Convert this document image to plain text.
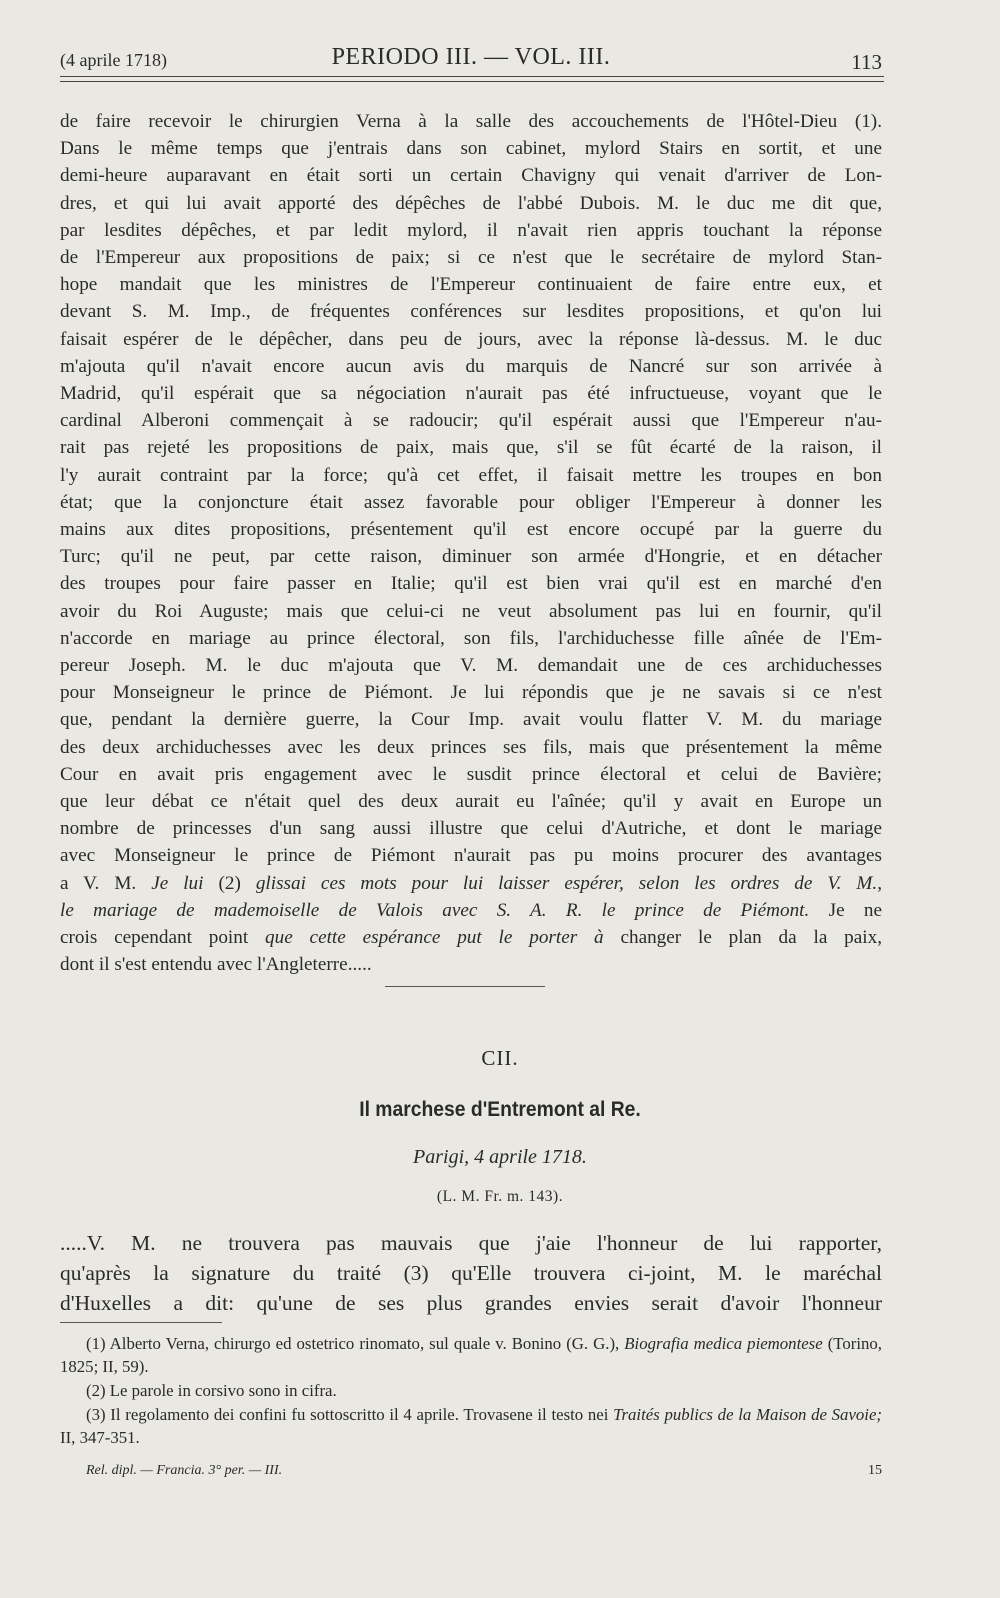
(4 aprile 1718)	PERIODO III. — VOL. III.	113

de faire recevoir le chirurgien Verna à la salle des accouchements de l'Hôtel-Dieu (1).

Dans le même temps que j'entrais dans son cabinet, mylord Stairs en sortit, et une

demi-heure auparavant en était sorti un certain Chavigny qui venait d'arriver de Lon-

dres, et qui lui avait apporté des dépêches de l'abbé Dubois. M. le duc me dit que,

par lesdites dépêches, et par ledit mylord, il n'avait rien appris touchant la réponse

de l'Empereur aux propositions de paix; si ce n'est que le secrétaire de mylord Stan-

hope mandait que les ministres de l'Empereur continuaient de faire entre eux, et

devant S. M. Imp., de fréquentes conférences sur lesdites propositions, et qu'on lui

faisait espérer de le dépêcher, dans peu de jours, avec la réponse là-dessus. M. le duc

m'ajouta qu'il n'avait encore aucun avis du marquis de Nancré sur son arrivée à

Madrid, qu'il espérait que sa négociation n'aurait pas été infructueuse, voyant que le

cardinal Alberoni commençait à se radoucir; qu'il espérait aussi que l'Empereur n'au-

rait pas rejeté les propositions de paix, mais que, s'il se fût écarté de la raison, il

l'y aurait contraint par la force; qu'à cet effet, il faisait mettre les troupes en bon

état; que la conjoncture était assez favorable pour obliger l'Empereur à donner les

mains aux dites propositions, présentement qu'il est encore occupé par la guerre du

Turc; qu'il ne peut, par cette raison, diminuer son armée d'Hongrie, et en détacher

des troupes pour faire passer en Italie; qu'il est bien vrai qu'il est en marché d'en

avoir du Roi Auguste; mais que celui-ci ne veut absolument pas lui en fournir, qu'il

n'accorde en mariage au prince électoral, son fils, l'archiduchesse fille aînée de l'Em-

pereur Joseph. M. le duc m'ajouta que V. M. demandait une de ces archiduchesses

pour Monseigneur le prince de Piémont. Je lui répondis que je ne savais si ce n'est

que, pendant la dernière guerre, la Cour Imp. avait voulu flatter V. M. du mariage

des deux archiduchesses avec les deux princes ses fils, mais que présentement la même

Cour en avait pris engagement avec le susdit prince électoral et celui de Bavière;

que leur débat ce n'était quel des deux aurait eu l'aînée; qu'il y avait en Europe un

nombre de princesses d'un sang aussi illustre que celui d'Autriche, et dont le mariage

avec Monseigneur le prince de Piémont n'aurait pas pu moins procurer des avantages

a V. M. Je lui (2) glissai ces mots pour lui laisser espérer, selon les ordres de V. M.,

le mariage de mademoiselle de Valois avec S. A. R. le prince de Piémont. Je ne

crois cependant point que cette espérance put le porter à changer le plan da la paix,

dont il s'est entendu avec l'Angleterre.....

CII.
Il marchese d'Entremont al Re.
Parigi, 4 aprile 1718.
(L. M. Fr. m. 143).

.....V. M. ne trouvera pas mauvais que j'aie l'honneur de lui rapporter,

qu'après la signature du traité (3) qu'Elle trouvera ci-joint, M. le maréchal

d'Huxelles a dit: qu'une de ses plus grandes envies serait d'avoir l'honneur

(1) Alberto Verna, chirurgo ed ostetrico rinomato, sul quale v. Bonino (G. G.), Biografia medica piemontese (Torino, 1825; II, 59).

(2) Le parole in corsivo sono in cifra.

(3) Il regolamento dei confini fu sottoscritto il 4 aprile. Trovasene il testo nei Traités publics de la Maison de Savoie; II, 347-351.

Rel. dipl. — Francia. 3° per. — III.	15
